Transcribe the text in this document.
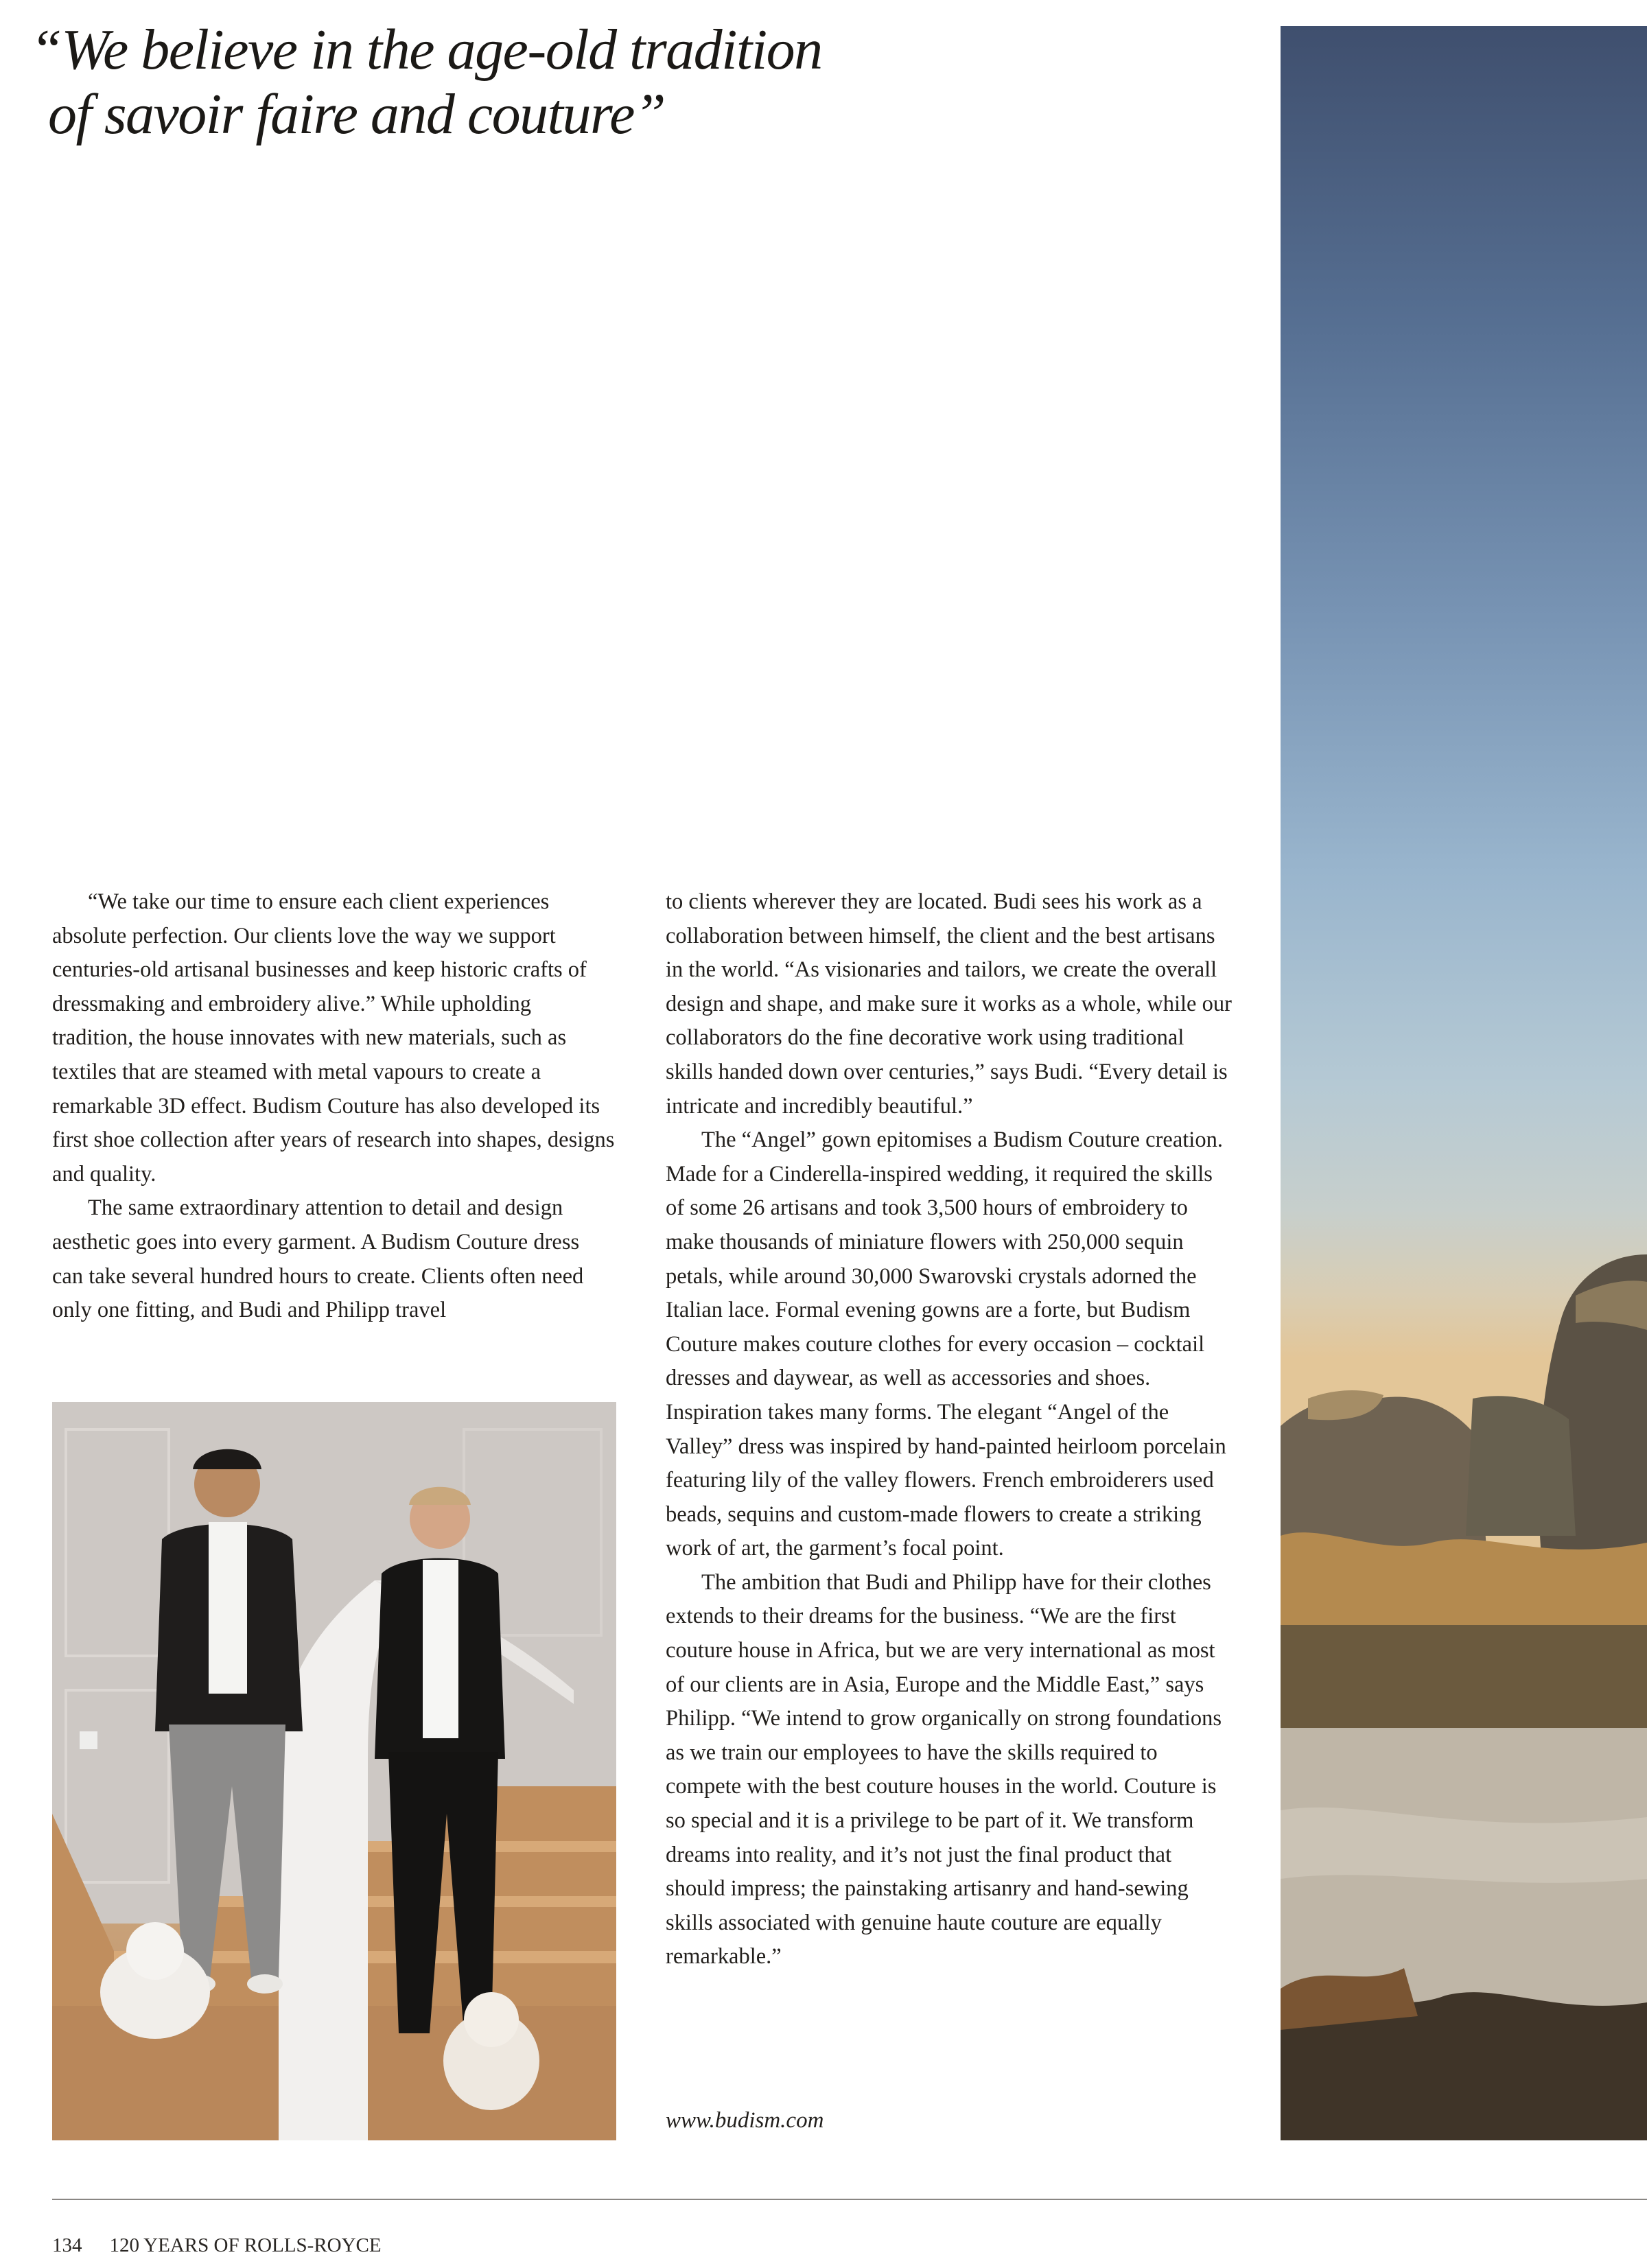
“We believe in the age-old tradition
of savoir faire and couture”

“We take our time to ensure each client experiences absolute perfection. Our clients love the way we support centuries-old artisanal businesses and keep historic crafts of dressmaking and embroidery alive.” While upholding tradition, the house innovates with new materials, such as textiles that are steamed with metal vapours to create a remarkable 3D effect. Budism Couture has also developed its first shoe collection after years of research into shapes, designs and quality.

The same extraordinary attention to detail and design aesthetic goes into every garment. A Budism Couture dress can take several hundred hours to create. Clients often need only one fitting, and Budi and Philipp travel

to clients wherever they are located. Budi sees his work as a collaboration between himself, the client and the best artisans in the world. “As visionaries and tailors, we create the overall design and shape, and make sure it works as a whole, while our collaborators do the fine decorative work using traditional skills handed down over centuries,” says Budi. “Every detail is intricate and incredibly beautiful.”

The “Angel” gown epitomises a Budism Couture creation. Made for a Cinderella-inspired wedding, it required the skills of some 26 artisans and took 3,500 hours of embroidery to make thousands of miniature flowers with 250,000 sequin petals, while around 30,000 Swarovski crystals adorned the Italian lace. Formal evening gowns are a forte, but Budism Couture makes couture clothes for every occasion – cocktail dresses and daywear, as well as accessories and shoes. Inspiration takes many forms. The elegant “Angel of the Valley” dress was inspired by hand-painted heirloom porcelain featuring lily of the valley flowers. French embroiderers used beads, sequins and custom-made flowers to create a striking work of art, the garment’s focal point.

The ambition that Budi and Philipp have for their clothes extends to their dreams for the business. “We are the first couture house in Africa, but we are very international as most of our clients are in Asia, Europe and the Middle East,” says Philipp. “We intend to grow organically on strong foundations as we train our employees to have the skills required to compete with the best couture houses in the world. Couture is so special and it is a privilege to be part of it. We transform dreams into reality, and it’s not just the final product that should impress; the painstaking artisanry and hand-sewing skills associated with genuine haute couture are equally remarkable.”

www.budism.com
134 120 YEARS OF ROLLS-ROYCE
